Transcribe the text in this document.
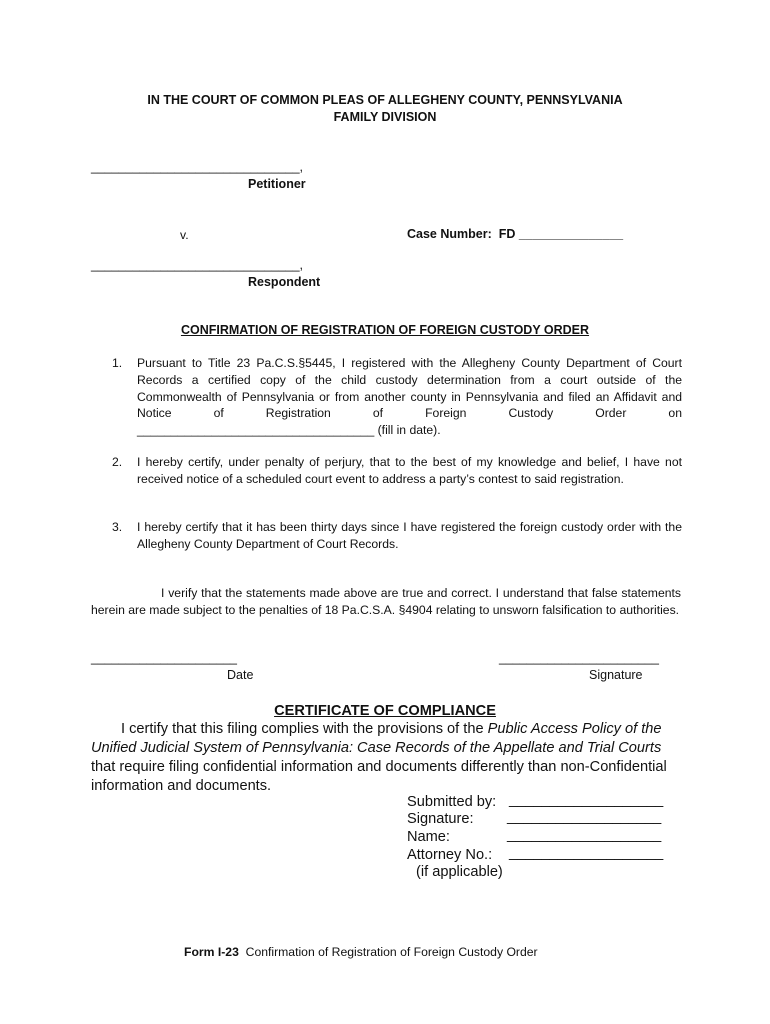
IN THE COURT OF COMMON PLEAS OF ALLEGHENY COUNTY, PENNSYLVANIA
FAMILY DIVISION
______________________________,
Petitioner
v.	Case Number:  FD _______________
______________________________,
Respondent
CONFIRMATION OF REGISTRATION OF FOREIGN CUSTODY ORDER
1. Pursuant to Title 23 Pa.C.S.§5445, I registered with the Allegheny County Department of Court Records a certified copy of the child custody determination from a court outside of the Commonwealth of Pennsylvania or from another county in Pennsylvania and filed an Affidavit and Notice of Registration of Foreign Custody Order on
___________________________________ (fill in date).
2. I hereby certify, under penalty of perjury, that to the best of my knowledge and belief, I have not received notice of a scheduled court event to address a party’s contest to said registration.
3. I hereby certify that it has been thirty days since I have registered the foreign custody order with the Allegheny County Department of Court Records.
I verify that the statements made above are true and correct. I understand that false statements herein are made subject to the penalties of 18 Pa.C.S.A. §4904 relating to unsworn falsification to authorities.
_____________________
Date
_______________________
Signature
CERTIFICATE OF COMPLIANCE
I certify that this filing complies with the provisions of the Public Access Policy of the Unified Judicial System of Pennsylvania: Case Records of the Appellate and Trial Courts that require filing confidential information and documents differently than non-Confidential information and documents.
Submitted by: ___________________
Signature: ___________________
Name:	___________________
Attorney No.: ___________________
(if applicable)
Form I-23 Confirmation of Registration of Foreign Custody Order
